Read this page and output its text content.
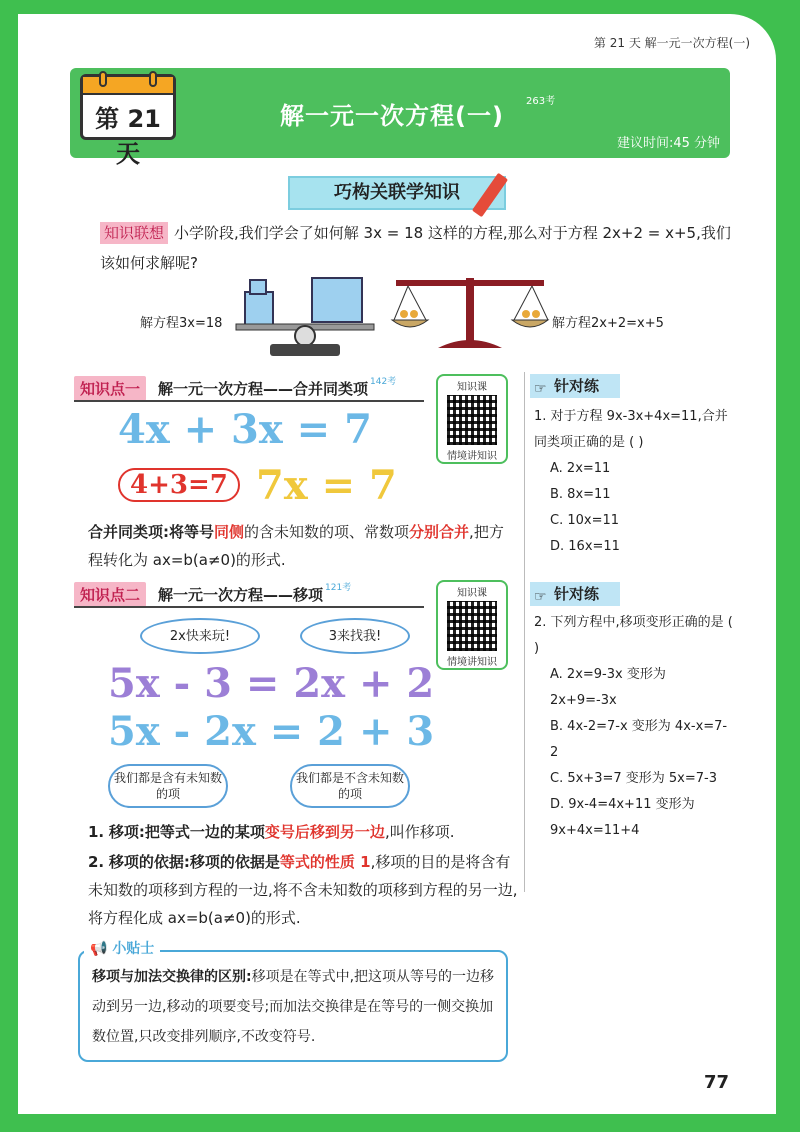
第 21 天 解一元一次方程(一)
第 21 天
解一元一次方程(一)
263考
建议时间:45 分钟
巧构关联学知识
知识联想 小学阶段,我们学会了如何解 3x = 18 这样的方程,那么对于方程 2x+2 = x+5,我们该如何求解呢?
解方程3x=18	解方程2x+2=x+5
知识点一	解一元一次方程——合并同类项 142考	知识课
情境讲知识
4x + 3x = 7
4+3=7 7x = 7
合并同类项:将等号同侧的含未知数的项、常数项分别合并,把方程转化为 ax=b(a≠0)的形式.
知识点二	解一元一次方程——移项 121考	知识课
情境讲知识
2x快来玩!	3来找我!
5x - 3 = 2x + 2
5x - 2x = 2 + 3
我们都是含有未知数的项
我们都是不含未知数的项
1. 移项:把等式一边的某项变号后移到另一边,叫作移项.
2. 移项的依据:移项的依据是等式的性质 1,移项的目的是将含有未知数的项移到方程的一边,将不含未知数的项移到方程的另一边,将方程化成 ax=b(a≠0)的形式.
☞ 针对练
1. 对于方程 9x-3x+4x=11,合并同类项正确的是 ( )
A. 2x=11
B. 8x=11
C. 10x=11
D. 16x=11
☞ 针对练
2. 下列方程中,移项变形正确的是 ( )
A. 2x=9-3x 变形为 2x+9=-3x
B. 4x-2=7-x 变形为 4x-x=7-2
C. 5x+3=7 变形为 5x=7-3
D. 9x-4=4x+11 变形为 9x+4x=11+4
📢 小贴士
移项与加法交换律的区别:移项是在等式中,把这项从等号的一边移动到另一边,移动的项要变号;而加法交换律是在等号的一侧交换加数位置,只改变排列顺序,不改变符号.
77
